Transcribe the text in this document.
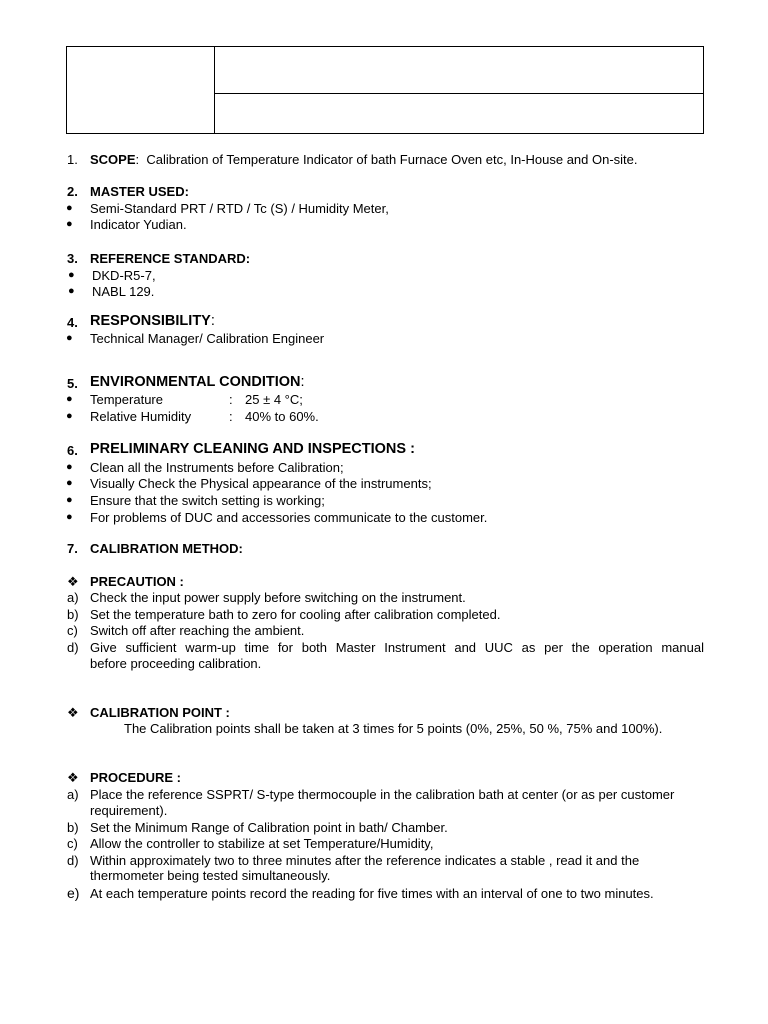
1. SCOPE: Calibration of Temperature Indicator of bath Furnace Oven etc, In-House and On-site.
2. MASTER USED:
● Semi-Standard PRT / RTD / Tc (S) / Humidity Meter,
● Indicator Yudian.
3. REFERENCE STANDARD:
● DKD-R5-7,
● NABL 129.
4. RESPONSIBILITY:
● Technical Manager/ Calibration Engineer
5. ENVIRONMENTAL CONDITION:
● Temperature	: 25 ± 4 °C;
● Relative Humidity	: 40% to 60%.
6. PRELIMINARY CLEANING AND INSPECTIONS :
● Clean all the Instruments before Calibration;
● Visually Check the Physical appearance of the instruments;
● Ensure that the switch setting is working;
● For problems of DUC and accessories communicate to the customer.
7. CALIBRATION METHOD:
❖ PRECAUTION :
a) Check the input power supply before switching on the instrument.
b) Set the temperature bath to zero for cooling after calibration completed.
c) Switch off after reaching the ambient.
d) Give sufficient warm-up time for both Master Instrument and UUC as per the operation manual
before proceeding calibration.
❖ CALIBRATION POINT :
The Calibration points shall be taken at 3 times for 5 points (0%, 25%, 50 %, 75% and 100%).
❖ PROCEDURE :
a) Place the reference SSPRT/ S-type thermocouple in the calibration bath at center (or as per customer
requirement).
b) Set the Minimum Range of Calibration point in bath/ Chamber.
c) Allow the controller to stabilize at set Temperature/Humidity,
d) Within approximately two to three minutes after the reference indicates a stable , read it and the
thermometer being tested simultaneously.
e) At each temperature points record the reading for five times with an interval of one to two minutes.
